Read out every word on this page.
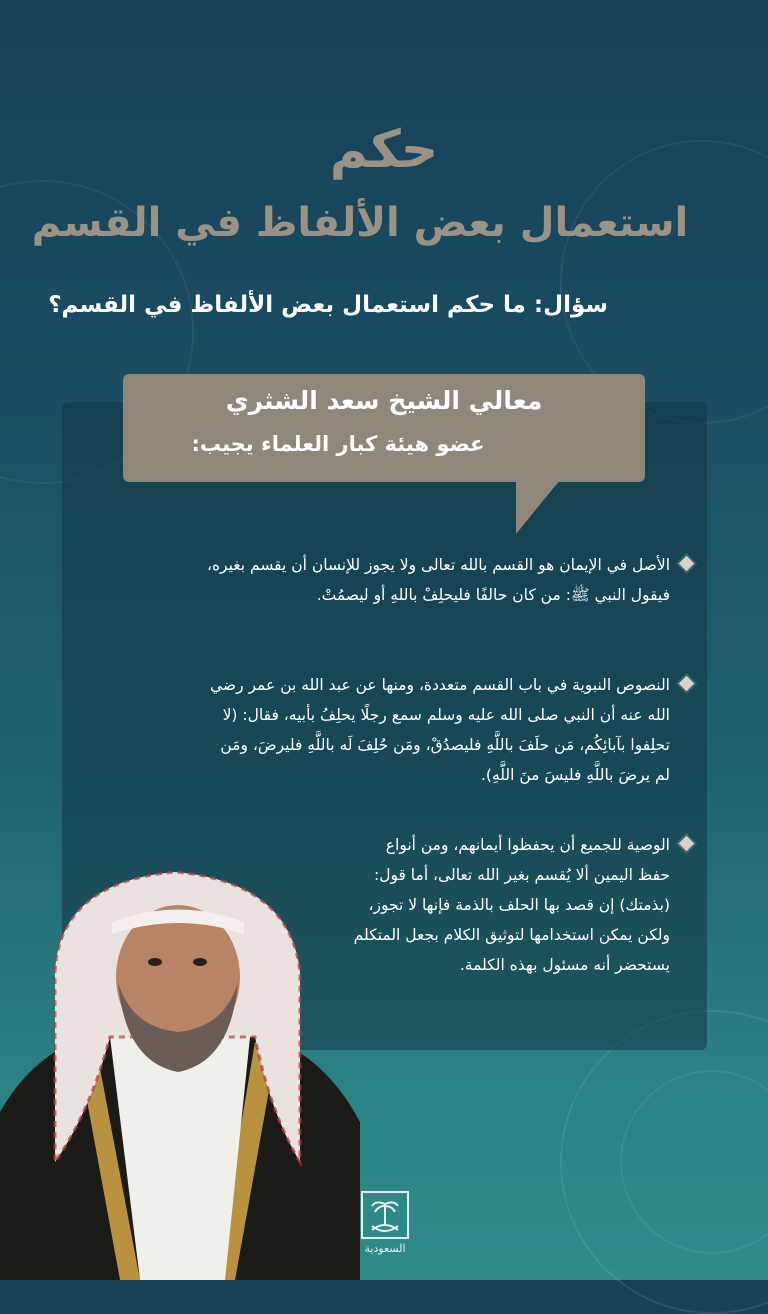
حكم
استعمال بعض الألفاظ في القسم
سؤال: ما حكم استعمال بعض الألفاظ في القسم؟
معالي الشيخ سعد الشثري
عضو هيئة كبار العلماء يجيب:
الأصل في الإيمان هو القسم بالله تعالى ولا يجوز للإنسان أن يقسم بغيره،
فيقول النبي ﷺ: من كان حالفًا فليحلِفْ باللهِ أو ليصمُتْ.
النصوص النبوية في باب القسم متعددة، ومنها عن عبد الله بن عمر رضي
الله عنه أن النبي صلى الله عليه وسلم سمع رجلًا يحلِفُ بأبيه، فقال: (لا
تحلِفوا بآبائِكُم، مَن حلَفَ باللَّهِ فليصدُقْ، ومَن حُلِفَ لَه باللَّهِ فليرضَ، ومَن
لم يرضَ باللَّهِ فليسَ منَ اللَّهِ).
الوصية للجميع أن يحفظوا أيمانهم، ومن أنواع
حفظ اليمين ألا يُقسم بغير الله تعالى، أما قول:
(بذمتك) إن قصد بها الحلف بالذمة فإنها لا تجوز،
ولكن يمكن استخدامها لتوثيق الكلام بجعل المتكلم
يستحضر أنه مسئول بهذه الكلمة.
السعودية
